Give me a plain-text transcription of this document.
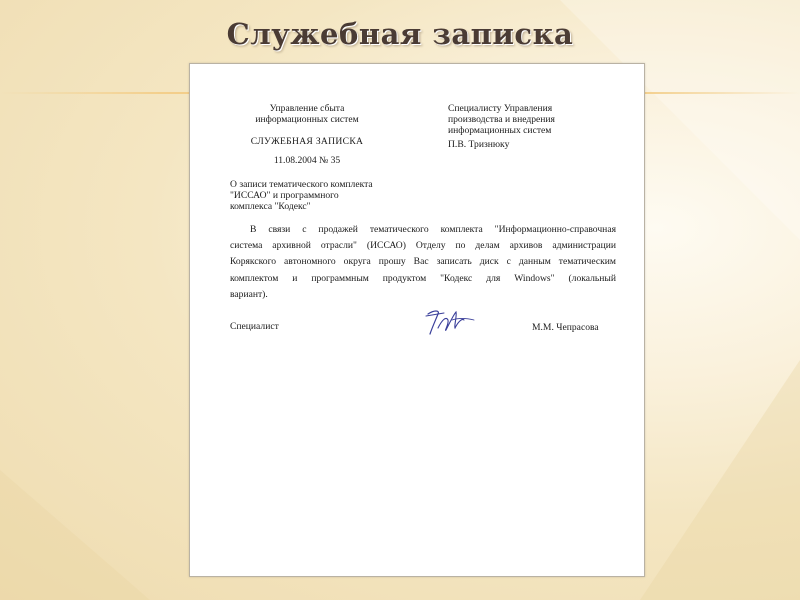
Служебная записка
Управление сбыта
информационных систем
СЛУЖЕБНАЯ ЗАПИСКА
11.08.2004 № 35
Специалисту Управления
производства и внедрения
информационных систем
П.В. Тризнюку
О записи тематического комплекта
"ИССАО" и программного
комплекса "Кодекс"
В связи с продажей тематического комплекта "Информационно-справочная
система архивной отрасли" (ИССАО) Отделу по делам архивов администрации
Корякского автономного округа прошу Вас записать диск с данным тематическим
комплектом и программным продуктом "Кодекс для Windows" (локальный
вариант).
Специалист	М.М. Чепрасова
